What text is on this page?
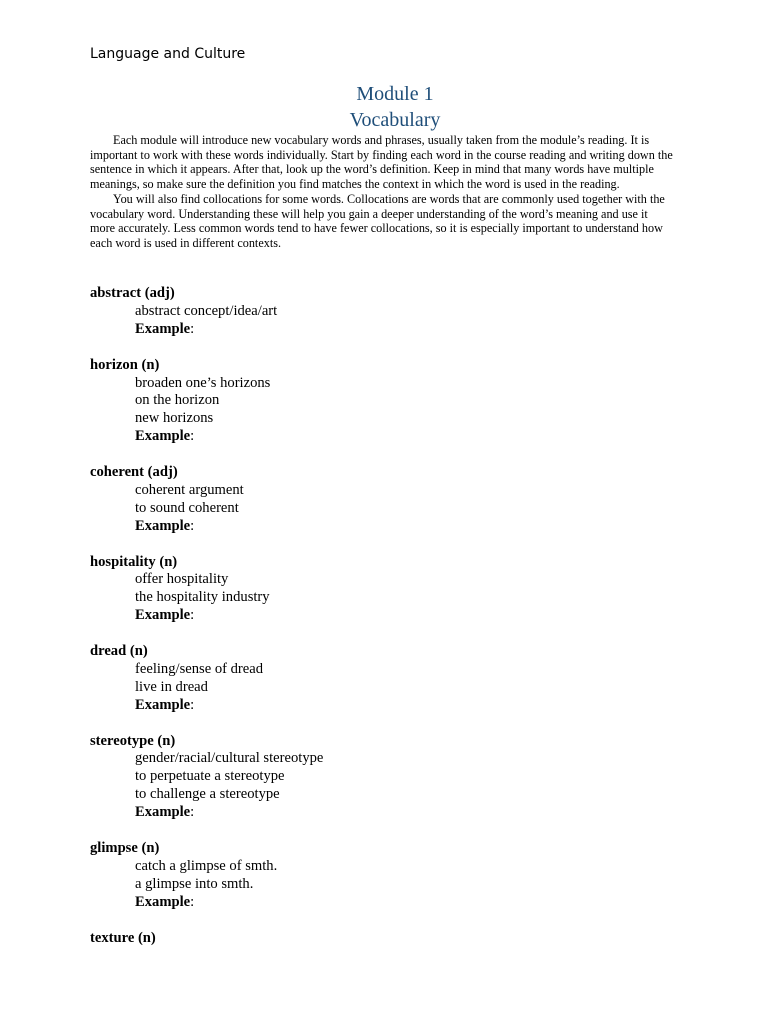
Language and Culture
Module 1
Vocabulary

Each module will introduce new vocabulary words and phrases, usually taken from the module’s reading. It is important to work with these words individually. Start by finding each word in the course reading and writing down the sentence in which it appears. After that, look up the word’s definition. Keep in mind that many words have multiple meanings, so make sure the definition you find matches the context in which the word is used in the reading.

You will also find collocations for some words. Collocations are words that are commonly used together with the vocabulary word. Understanding these will help you gain a deeper understanding of the word’s meaning and use it more accurately. Less common words tend to have fewer collocations, so it is especially important to understand how each word is used in different contexts.

abstract (adj)
abstract concept/idea/art
Example:
horizon (n)
broaden one’s horizons
on the horizon
new horizons
Example:
coherent (adj)
coherent argument
to sound coherent
Example:
hospitality (n)
offer hospitality
the hospitality industry
Example:
dread (n)
feeling/sense of dread
live in dread
Example:
stereotype (n)
gender/racial/cultural stereotype
to perpetuate a stereotype
to challenge a stereotype
Example:
glimpse (n)
catch a glimpse of smth.
a glimpse into smth.
Example:
texture (n)
